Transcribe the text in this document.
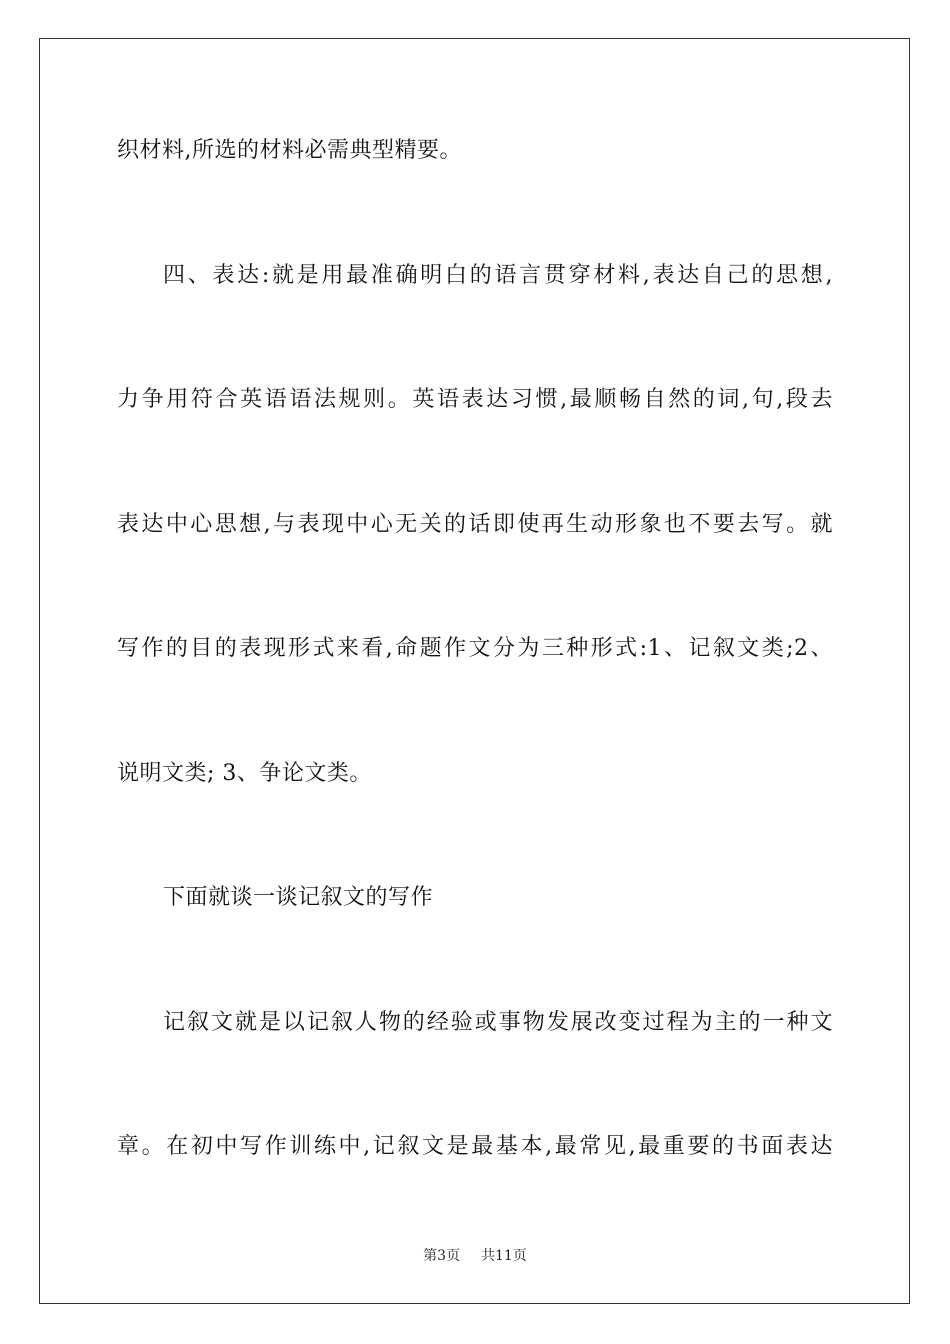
织材料,所选的材料必需典型精要。
四、表达:就是用最准确明白的语言贯穿材料,表达自己的思想,
力争用符合英语语法规则。英语表达习惯,最顺畅自然的词,句,段去
表达中心思想,与表现中心无关的话即使再生动形象也不要去写。就
写作的目的表现形式来看,命题作文分为三种形式:1、记叙文类;2、
说明文类; 3、争论文类。
下面就谈一谈记叙文的写作
记叙文就是以记叙人物的经验或事物发展改变过程为主的一种文
章。在初中写作训练中,记叙文是最基本,最常见,最重要的书面表达
第3页 共11页
